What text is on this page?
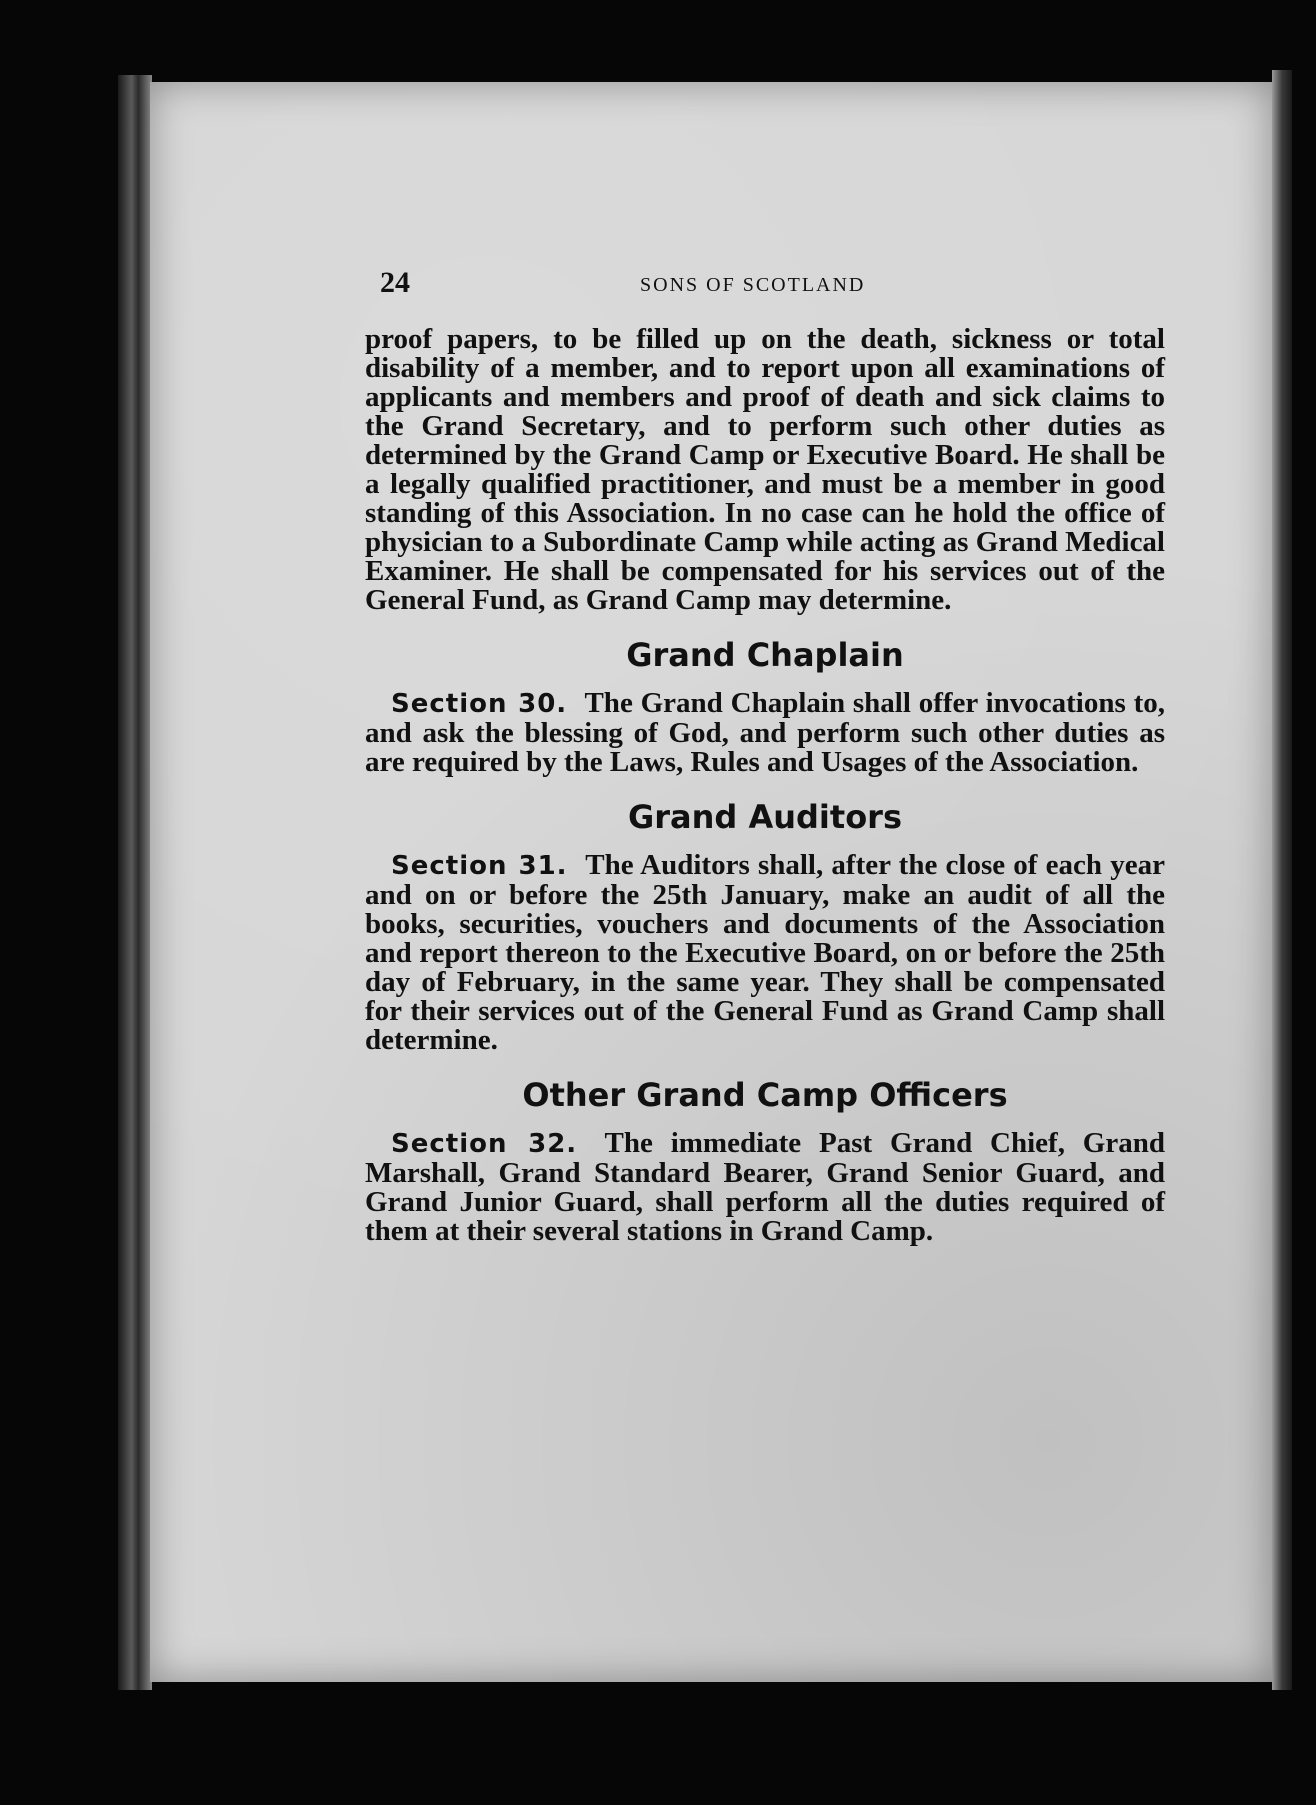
24	SONS OF SCOTLAND

proof papers, to be filled up on the death, sickness or total disability of a member, and to report upon all examinations of applicants and members and proof of death and sick claims to the Grand Secretary, and to perform such other duties as determined by the Grand Camp or Executive Board. He shall be a legally qualified practitioner, and must be a member in good standing of this Association. In no case can he hold the office of physician to a Subordinate Camp while acting as Grand Medical Examiner. He shall be compensated for his services out of the General Fund, as Grand Camp may determine.

Grand Chaplain

Section 30. The Grand Chaplain shall offer invocations to, and ask the blessing of God, and perform such other duties as are required by the Laws, Rules and Usages of the Association.

Grand Auditors

Section 31. The Auditors shall, after the close of each year and on or before the 25th January, make an audit of all the books, securities, vouchers and documents of the Association and report thereon to the Executive Board, on or before the 25th day of February, in the same year. They shall be compensated for their services out of the General Fund as Grand Camp shall determine.

Other Grand Camp Officers

Section 32. The immediate Past Grand Chief, Grand Marshall, Grand Standard Bearer, Grand Senior Guard, and Grand Junior Guard, shall perform all the duties required of them at their several stations in Grand Camp.
